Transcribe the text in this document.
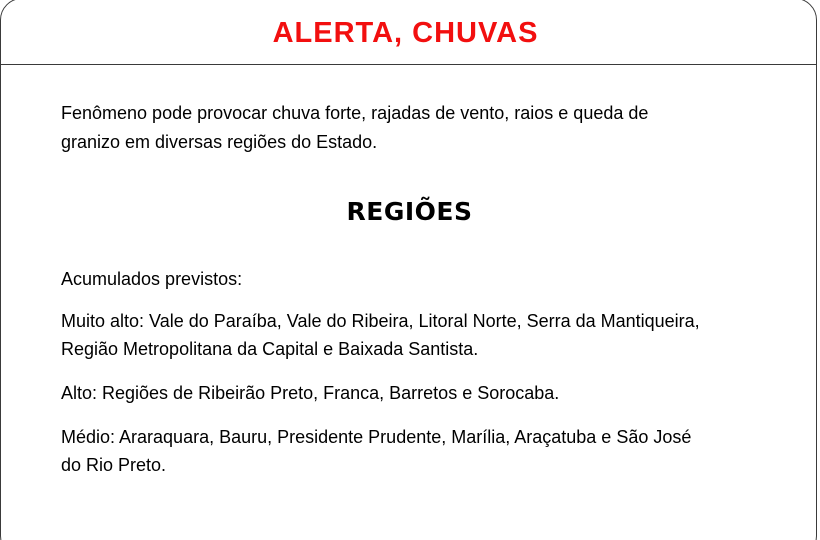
ALERTA, CHUVAS

Fenômeno pode provocar chuva forte, rajadas de vento, raios e queda de granizo em diversas regiões do Estado.

REGIÕES

Acumulados previstos:

Muito alto: Vale do Paraíba, Vale do Ribeira, Litoral Norte, Serra da Mantiqueira, Região Metropolitana da Capital e Baixada Santista.

Alto: Regiões de Ribeirão Preto, Franca, Barretos e Sorocaba.

Médio: Araraquara, Bauru, Presidente Prudente, Marília, Araçatuba e São José do Rio Preto.
